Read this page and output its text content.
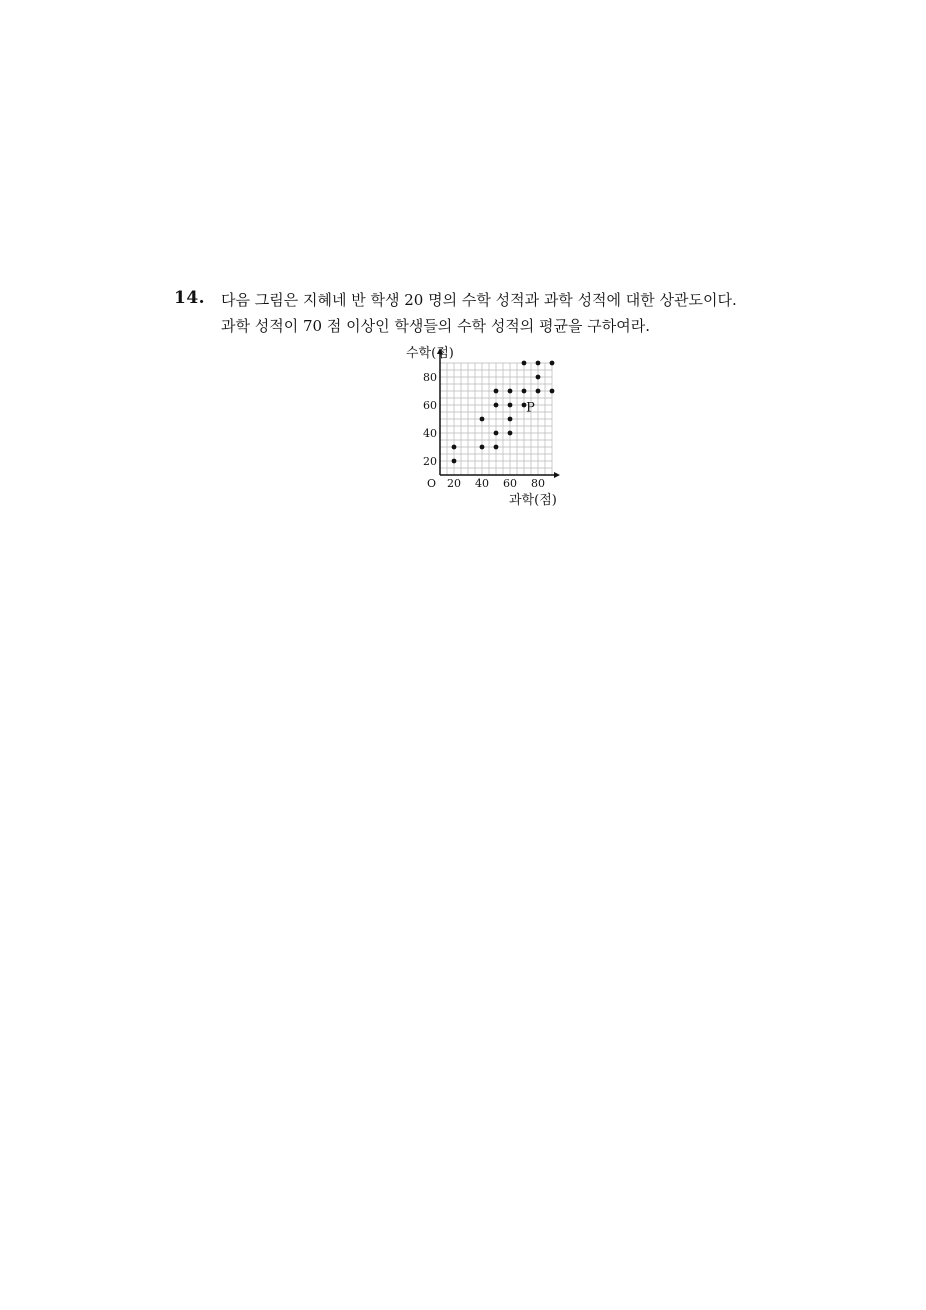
14. 다음 그림은 지혜네 반 학생 20 명의 수학 성적과 과학 성적에 대한 상관도이다.
과학 성적이 70 점 이상인 학생들의 수학 성적의 평균을 구하여라.
20 40 60 80
20
40
60
80
수학(점)
과학(점)
O
P
